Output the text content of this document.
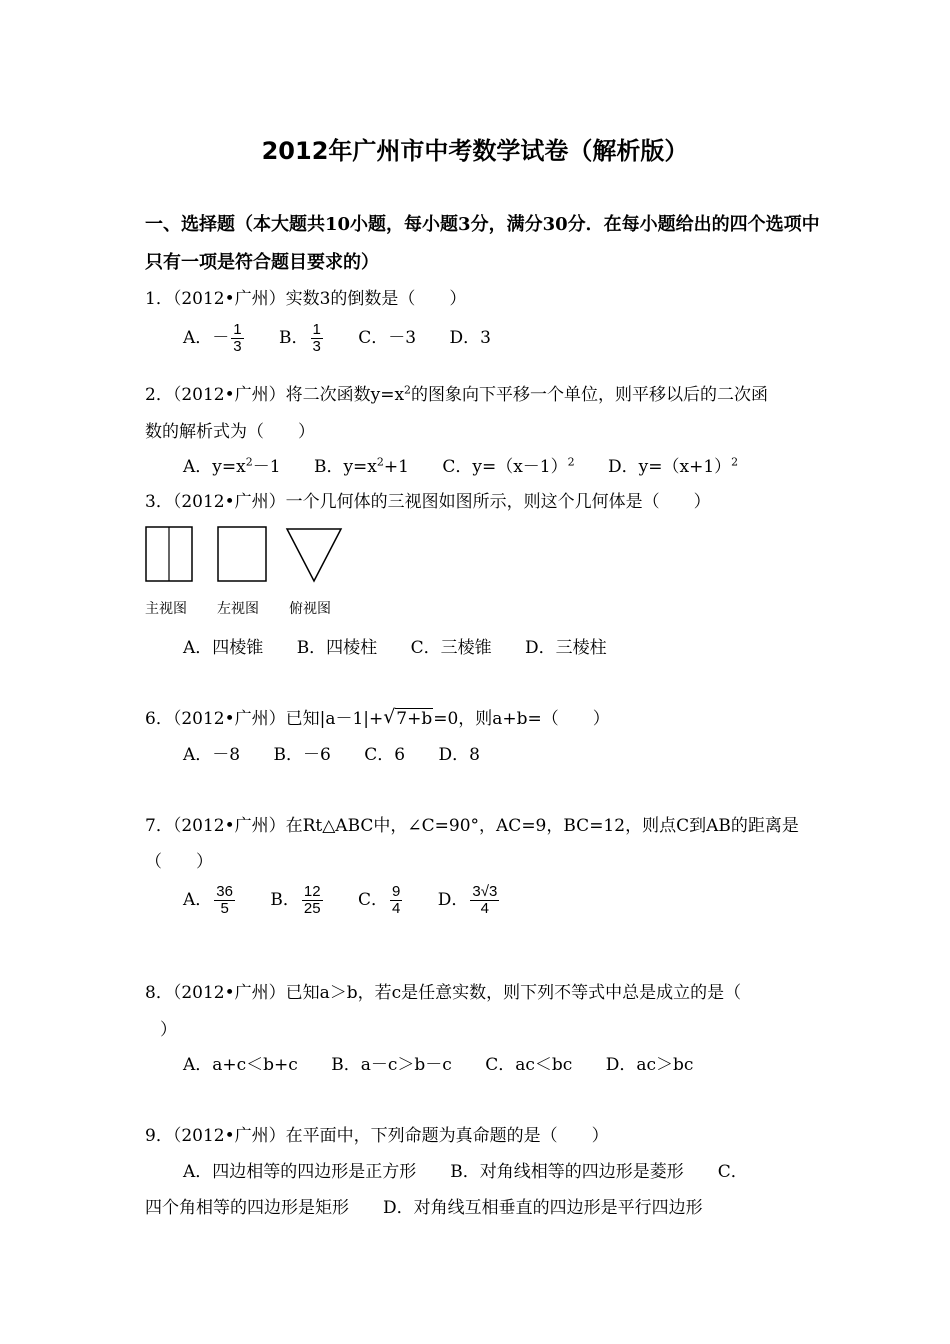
2012年广州市中考数学试卷（解析版）
一、选择题（本大题共10小题，每小题3分，满分30分．在每小题给出的四个选项中只有一项是符合题目要求的）
1．（2012•广州）实数3的倒数是（　　）
A．－ $\frac{1}{3}$ B． $\frac{1}{3}$ C．－3 D．3
2．（2012•广州）将二次函数$y=x^2$的图象向下平移一个单位，则平移以后的二次函
数的解析式为（　　）
A．$y=x^2-1$ B．$y=x^2+1$ C．$y=(x-1)^2$ D．$y=(x+1)^2$
3．（2012•广州）一个几何体的三视图如图所示，则这个几何体是（　　）
主视图 左视图 俯视图
A．四棱锥 B．四棱柱 C．三棱锥 D．三棱柱
6．（2012•广州）已知|a－1|+√ 7+b=0，则a+b=（　　）
A．－8 B．－6 C．6 D．8
7．（2012•广州）在Rt△ABC中，∠C=90°，AC=9，BC=12，则点C到AB的距离是
（　　）
A． $\frac{36}{5}$ B． $\frac{12}{25}$ C． $\frac{9}{4}$ D． $\frac{3√3}{4}$
8．（2012•广州）已知a＞b，若c是任意实数，则下列不等式中总是成立的是（
）
A．a+c＜b+c B．a－c＞b－c C．ac＜bc D．ac＞bc
9．（2012•广州）在平面中，下列命题为真命题的是（　　）
A．四边相等的四边形是正方形　　B．对角线相等的四边形是菱形　　C．
四个角相等的四边形是矩形　　D．对角线互相垂直的四边形是平行四边形
